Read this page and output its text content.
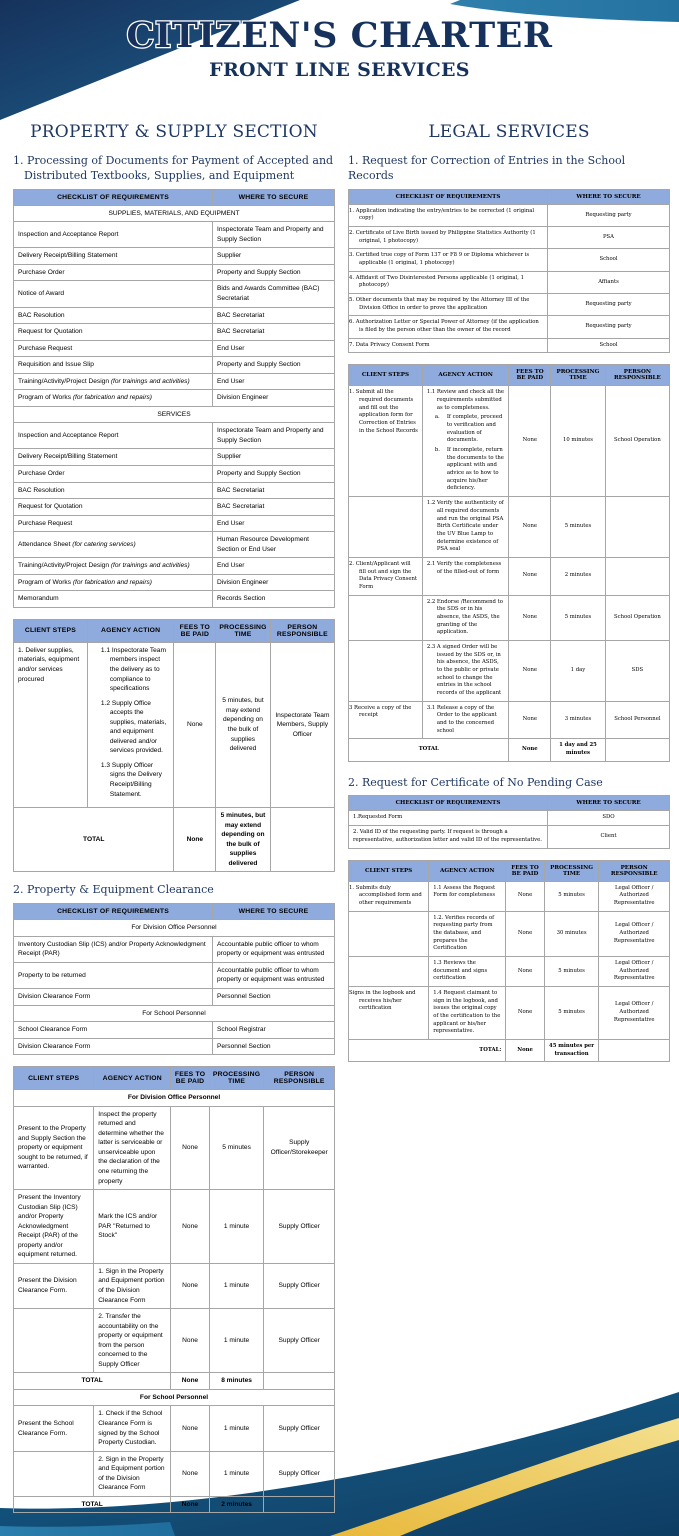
CITIZEN'S CHARTER
FRONT LINE SERVICES
PROPERTY & SUPPLY SECTION
1. Processing of Documents for Payment of Accepted and
Distributed Textbooks, Supplies, and Equipment
CHECKLIST OF REQUIREMENTS	WHERE TO SECURE
SUPPLIES, MATERIALS, AND EQUIPMENT	
Inspection and Acceptance Report	Inspectorate Team and Property and Supply Section
Delivery Receipt/Billing Statement	Supplier
Purchase Order	Property and Supply Section
Notice of Award	Bids and Awards Committee (BAC) Secretariat
BAC Resolution	BAC Secretariat
Request for Quotation	BAC Secretariat
Purchase Request	End User
Requisition and Issue Slip	Property and Supply Section
Training/Activity/Project Design (for trainings and activities)	End User
Program of Works (for fabrication and repairs)	Division Engineer
SERVICES	
Inspection and Acceptance Report	Inspectorate Team and Property and Supply Section
Delivery Receipt/Billing Statement	Supplier
Purchase Order	Property and Supply Section
BAC Resolution	BAC Secretariat
Request for Quotation	BAC Secretariat
Purchase Request	End User
Attendance Sheet (for catering services)	Human Resource Development Section or End User
Training/Activity/Project Design (for trainings and activities)	End User
Program of Works (for fabrication and repairs)	Division Engineer
Memorandum	Records Section
CLIENT STEPS	AGENCY ACTION	FEES TO BE PAID	PROCESSING TIME	PERSON RESPONSIBLE
1. Deliver supplies, materials, equipment and/or services procured	1.1 Inspectorate Team members inspect the delivery as to compliance to specifications
1.2 Supply Office accepts the supplies, materials, and equipment delivered and/or services provided.
1.3 Supply Officer signs the Delivery Receipt/Billing Statement.	None	5 minutes, but may extend depending on the bulk of supplies delivered	Inspectorate Team Members, Supply Officer
TOTAL		None	5 minutes, but may extend depending on the bulk of supplies delivered	
2. Property & Equipment Clearance
CHECKLIST OF REQUIREMENTS	WHERE TO SECURE
For Division Office Personnel	
Inventory Custodian Slip (ICS) and/or Property Acknowledgment Receipt (PAR)	Accountable public officer to whom property or equipment was entrusted
Property to be returned	Accountable public officer to whom property or equipment was entrusted
Division Clearance Form	Personnel Section
For School Personnel	
School Clearance Form	School Registrar
Division Clearance Form	Personnel Section
CLIENT STEPS	AGENCY ACTION	FEES TO BE PAID	PROCESSING TIME	PERSON RESPONSIBLE
For Division Office Personnel				
Present to the Property and Supply Section the property or equipment sought to be returned, if warranted.	Inspect the property returned and determine whether the latter is serviceable or unserviceable upon the declaration of the one returning the property	None	5 minutes	Supply Officer/Storekeeper
Present the Inventory Custodian Slip (ICS) and/or Property Acknowledgment Receipt (PAR) of the property and/or equipment returned.	Mark the ICS and/or PAR "Returned to Stock"	None	1 minute	Supply Officer
Present the Division Clearance Form.	1. Sign in the Property and Equipment portion of the Division Clearance Form	None	1 minute	Supply Officer
	2. Transfer the accountability on the property or equipment from the person concerned to the Supply Officer	None	1 minute	Supply Officer
TOTAL		None	8 minutes	
For School Personnel				
Present the School Clearance Form.	1. Check if the School Clearance Form is signed by the School Property Custodian.	None	1 minute	Supply Officer
	2. Sign in the Property and Equipment portion of the Division Clearance Form	None	1 minute	Supply Officer
TOTAL		None	2 minutes	
LEGAL SERVICES
1. Request for Correction of Entries in the School Records
CHECKLIST OF REQUIREMENTS	WHERE TO SECURE
1. Application indicating the entry/entries to be corrected (1 original copy)	Requesting party
2. Certificate of Live Birth issued by Philippine Statistics Authority (1 original, 1 photocopy)	PSA
3. Certified true copy of Form 137 or F8 9 or Diploma whichever is applicable (1 original, 1 photocopy)	School
4. Affidavit of Two Disinterested Persons applicable (1 original, 1 photocopy)	Affiants
5. Other documents that may be required by the Attorney III of the Division Office in order to prove the application	Requesting party
6. Authorization Letter or Special Power of Attorney (if the application is filed by the person other than the owner of the record	Requesting party
7. Data Privacy Consent Form	School
CLIENT STEPS	AGENCY ACTION	FEES TO BE PAID	PROCESSING TIME	PERSON RESPONSIBLE
1. Submit all the required documents and fill out the application form for Correction of Entries in the School Records	1.1 Review and check all the requirements submitted as to completeness.
a. If complete, proceed to verification and evaluation of documents.
b. If incomplete, return the documents to the applicant with and advice as to how to acquire his/her deficiency.	None	10 minutes	School Operation

	1.2 Verify the authenticity of all required documents and run the original PSA Birth Certificate under the UV Blue Lamp to determine existence of PSA seal	None	5 minutes	
2. Client/Applicant will fill out and sign the Data Privacy Consent Form	2.1 Verify the completeness of the filled-out of form	None	2 minutes	

	2.2 Endorse /Recommend to the SDS or in his absence, the ASDS, the granting of the application.	None	5 minutes	School Operation

	2.3 A signed Order will be issued by the SDS or, in his absence, the ASDS, to the public or private school to change the entries in the school records of the applicant	None	1 day	SDS
3 Receive a copy of the receipt	3.1 Release a copy of the Order to the applicant and to the concerned school	None	3 minutes	School Personnel
TOTAL		None	1 day and 25 minutes	
2. Request for Certificate of No Pending Case
CHECKLIST OF REQUIREMENTS	WHERE TO SECURE
1.Requested Form	SDO
2. Valid ID of the requesting party. If request is through a representative, authorization letter and valid ID of the representative.	Client
CLIENT STEPS	AGENCY ACTION	FEES TO BE PAID	PROCESSING TIME	PERSON RESPONSIBLE
1. Submits duly accomplished form and other requirements	1.1 Assess the Request Form for completeness	None	5 minutes	Legal Officer / Authorized Representative
	1.2. Verifies records of requesting party from the database, and prepares the Certification	None	30 minutes	Legal Officer / Authorized Representative
	1.3 Reviews the document and signs certification	None	5 minutes	Legal Officer / Authorized Representative
Signs in the logbook and receives his/her certification	1.4 Request claimant to sign in the logbook, and issues the original copy of the certification to the applicant or his/her representative.	None	5 minutes	Legal Officer / Authorized Representative
TOTAL:		None	45 minutes per transaction	
